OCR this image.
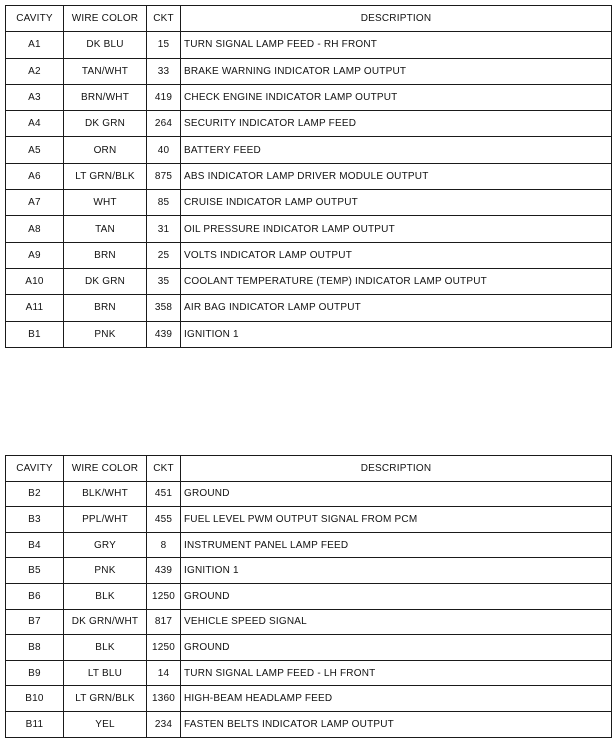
CAVITY	WIRE COLOR	CKT	DESCRIPTION
A1	DK BLU	15	TURN SIGNAL LAMP FEED - RH FRONT
A2	TAN/WHT	33	BRAKE WARNING INDICATOR LAMP OUTPUT
A3	BRN/WHT	419	CHECK ENGINE INDICATOR LAMP OUTPUT
A4	DK GRN	264	SECURITY INDICATOR LAMP FEED
A5	ORN	40	BATTERY FEED
A6	LT GRN/BLK	875	ABS INDICATOR LAMP DRIVER MODULE OUTPUT
A7	WHT	85	CRUISE INDICATOR LAMP OUTPUT
A8	TAN	31	OIL PRESSURE INDICATOR LAMP OUTPUT
A9	BRN	25	VOLTS INDICATOR LAMP OUTPUT
A10	DK GRN	35	COOLANT TEMPERATURE (TEMP) INDICATOR LAMP OUTPUT
A11	BRN	358	AIR BAG INDICATOR LAMP OUTPUT
B1	PNK	439	IGNITION 1
CAVITY	WIRE COLOR	CKT	DESCRIPTION
B2	BLK/WHT	451	GROUND
B3	PPL/WHT	455	FUEL LEVEL PWM OUTPUT SIGNAL FROM PCM
B4	GRY	8	INSTRUMENT PANEL LAMP FEED
B5	PNK	439	IGNITION 1
B6	BLK	1250	GROUND
B7	DK GRN/WHT	817	VEHICLE SPEED SIGNAL
B8	BLK	1250	GROUND
B9	LT BLU	14	TURN SIGNAL LAMP FEED - LH FRONT
B10	LT GRN/BLK	1360	HIGH-BEAM HEADLAMP FEED
B11	YEL	234	FASTEN BELTS INDICATOR LAMP OUTPUT
